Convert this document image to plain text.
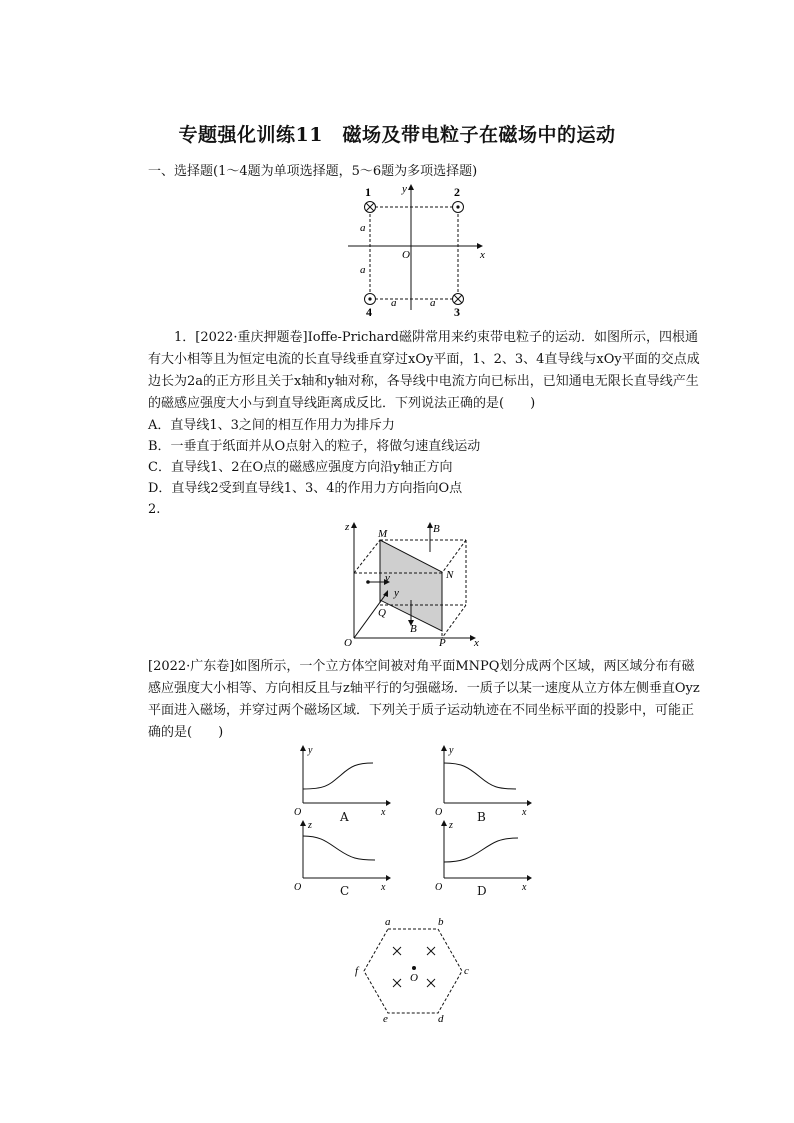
专题强化训练11　磁场及带电粒子在磁场中的运动
一、选择题(1～4题为单项选择题，5～6题为多项选择题)
1	2
3
4
x
y
O
a
a
a	a

1．[2022·重庆押题卷]Ioffe-Prichard磁阱常用来约束带电粒子的运动．如图所示，四根通有大小相等且为恒定电流的长直导线垂直穿过xOy平面，1、2、3、4直导线与xOy平面的交点成边长为2a的正方形且关于x轴和y轴对称，各导线中电流方向已标出，已知通电无限长直导线产生的磁感应强度大小与到直导线距离成反比．下列说法正确的是(　　)

A．直导线1、3之间的相互作用力为排斥力
B．一垂直于纸面并从O点射入的粒子，将做匀速直线运动
C．直导线1、2在O点的磁感应强度方向沿y轴正方向
D．直导线2受到直导线1、3、4的作用力方向指向O点
2.
M
N
P
Q
O	x
y
z	B
B
v

[2022·广东卷]如图所示，一个立方体空间被对角平面MNPQ划分成两个区域，两区域分布有磁感应强度大小相等、方向相反且与z轴平行的匀强磁场．一质子以某一速度从立方体左侧垂直Oyz平面进入磁场，并穿过两个磁场区域．下列关于质子运动轨迹在不同坐标平面的投影中，可能正确的是(　　)

y
x
O	A
y
x
O	B
z
x
O	C
z
x
O	D
a	b
c
d
e
f
O
